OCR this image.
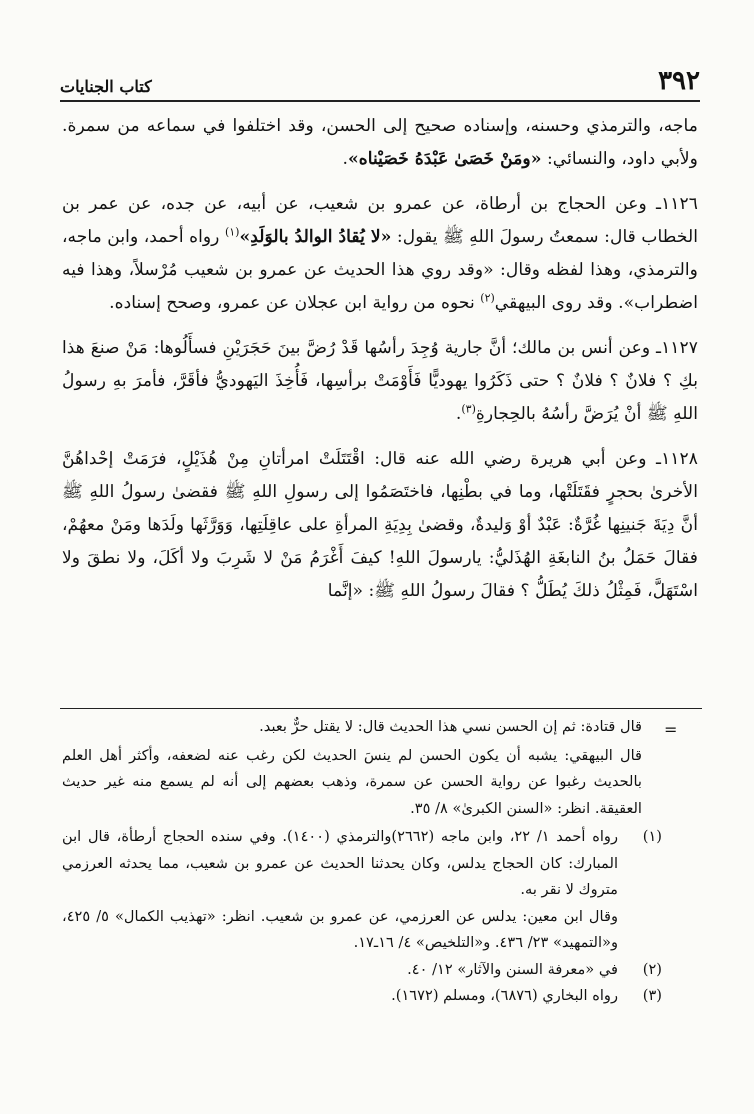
٣٩٢
كتاب الجنايات

ماجه، والترمذي وحسنه، وإسناده صحيح إلى الحسن، وقد اختلفوا في سماعه من سمرة. ولأبي داود، والنسائي: «ومَنْ خَصَىٰ عَبْدَهُ خَصَيْناه».

١١٢٦ـ وعن الحجاج بن أرطاة، عن عمرو بن شعيب، عن أبيه، عن جده، عن عمر بن الخطاب قال: سمعتُ رسولَ اللهِ ﷺ يقول: «لا يُقادُ الوالدُ بالوَلَدِ»$^{(١)}$ رواه أحمد، وابن ماجه، والترمذي، وهذا لفظه وقال: «وقد روي هذا الحديث عن عمرو بن شعيب مُرْسلاً، وهذا فيه اضطراب». وقد روى البيهقي$^{(٢)}$ نحوه من رواية ابن عجلان عن عمرو، وصحح إسناده.

١١٢٧ـ وعن أنس بن مالك؛ أنَّ جارية وُجِدَ رأسُها قَدْ رُضَّ بينَ حَجَرَيْنِ فسأَلُوها: مَنْ صنعَ هذا بكِ ؟ فلانٌ ؟ فلانٌ ؟ حتى ذَكَرُوا يهوديًّا فَأَوْمَتْ برأسِها، فَأُخِذَ اليَهوديُّ فأقَرَّ، فأمرَ بهِ رسولُ اللهِ ﷺ أنْ يُرَضَّ رأسُهُ بالحِجارةِ$^{(٣)}$.

١١٢٨ـ وعن أبي هريرة رضي الله عنه قال: اقْتَتَلَتْ امرأتانِ مِنْ هُذَيْلٍ، فرَمَتْ إحْداهُنَّ الأخرىٰ بحجرٍ فقَتَلَتْها، وما في بطْنِها، فاختَصَمُوا إلى رسولِ اللهِ ﷺ فقضىٰ رسولُ اللهِ ﷺ أنَّ دِيَةَ جَنينِها غُرَّةٌ: عَبْدٌ أوْ وَليدةٌ، وقضىٰ بِدِيَةِ المرأةِ على عاقِلَتِها، وَوَرَّثَها ولَدَها ومَنْ معهُمْ، فقالَ حَمَلُ بنُ النابغَةِ الهُذَليُّ: يارسولَ اللهِ! كيفَ أَغْرَمُ مَنْ لا شَرِبَ ولا أكَلَ، ولا نطقَ ولا اسْتَهَلَّ، فَمِثْلُ ذلكَ يُطَلُّ ؟ فقالَ رسولُ اللهِ ﷺ: «إنَّما

=

قال قتادة: ثم إن الحسن نسي هذا الحديث قال: لا يقتل حرٌّ بعبد.

قال البيهقي: يشبه أن يكون الحسن لم ينسَ الحديث لكن رغب عنه لضعفه، وأكثر أهل العلم بالحديث رغبوا عن رواية الحسن عن سمرة، وذهب بعضهم إلى أنه لم يسمع منه غير حديث العقيقة. انظر: «السنن الكبرىٰ» ٨/ ٣٥.

(١)
رواه أحمد ١/ ٢٢، وابن ماجه (٢٦٦٢)والترمذي (١٤٠٠). وفي سنده الحجاج أرطأة، قال ابن المبارك: كان الحجاج يدلس، وكان يحدثنا الحديث عن عمرو بن شعيب، مما يحدثه العرزمي متروك لا نقر به.
وقال ابن معين: يدلس عن العرزمي، عن عمرو بن شعيب. انظر: «تهذيب الكمال» ٥/ ٤٢٥، و«التمهيد» ٢٣/ ٤٣٦. و«التلخيص» ٤/ ١٦ـ١٧.
(٢)
في «معرفة السنن والآثار» ١٢/ ٤٠.
(٣)
رواه البخاري (٦٨٧٦)، ومسلم (١٦٧٢).
